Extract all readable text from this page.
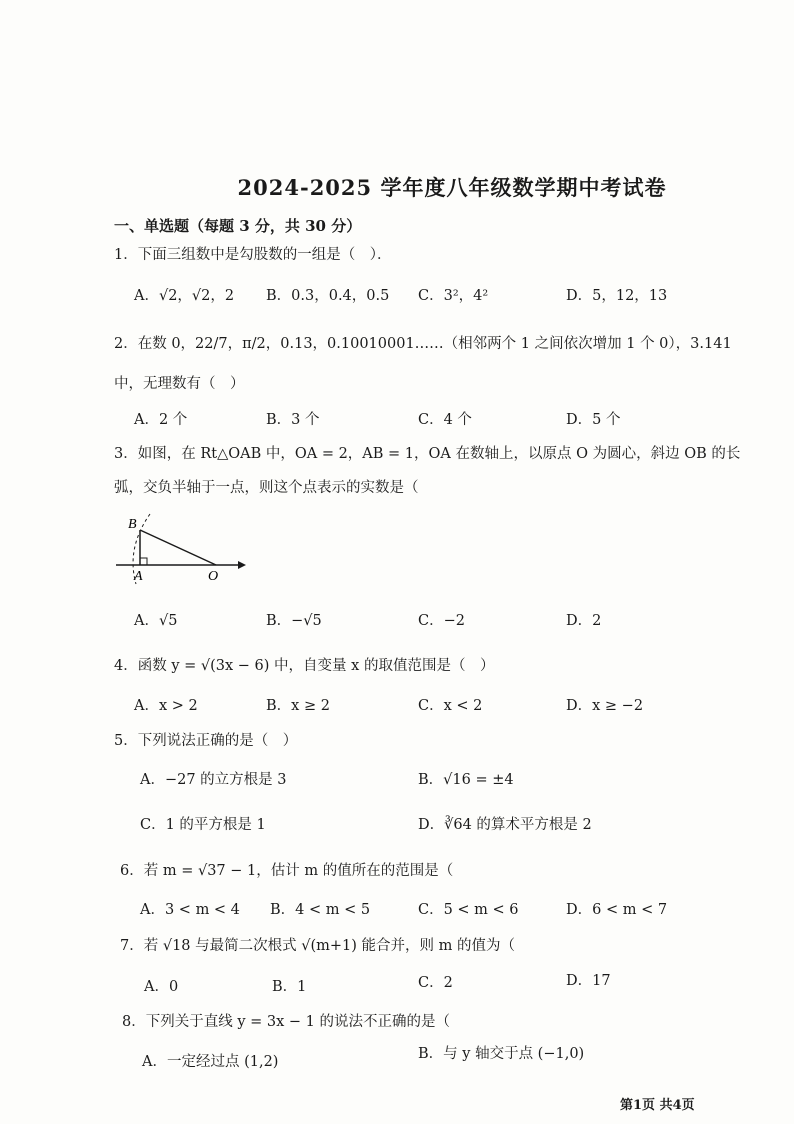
2024-2025 学年度八年级数学期中考试卷
一、单选题（每题 3 分，共 30 分）
1．下面三组数中是勾股数的一组是（　）．
A．√2，√2，2 B．0.3，0.4，0.5 C．3²，4²	D．5，12，13
2．在数 0，22/7，π/2，0.13，0.10010001……（相邻两个 1 之间依次增加 1 个 0），3.141
中，无理数有（　）
A．2 个	B．3 个	C．4 个	D．5 个
3．如图，在 Rt△OAB 中，OA = 2，AB = 1，OA 在数轴上，以原点 O 为圆心，斜边 OB 的长
弧，交负半轴于一点，则这个点表示的实数是（
B
A	O
A．√5	B．−√5	C．−2	D．2
4．函数 y = √(3x − 6) 中，自变量 x 的取值范围是（　）
A．x > 2	B．x ≥ 2	C．x < 2	D．x ≥ −2
5．下列说法正确的是（　）
A．−27 的立方根是 3	B．√16 = ±4
C．1 的平方根是 1	D．∛64 的算术平方根是 2
6．若 m = √37 − 1，估计 m 的值所在的范围是（
A．3 < m < 4 B．4 < m < 5	C．5 < m < 6	D．6 < m < 7
7．若 √18 与最简二次根式 √(m+1) 能合并，则 m 的值为（
A．0	B．1	C．2	D．17
8．下列关于直线 y = 3x − 1 的说法不正确的是（
A．一定经过点 (1,2)	B．与 y 轴交于点 (−1,0)
第1页 共4页
